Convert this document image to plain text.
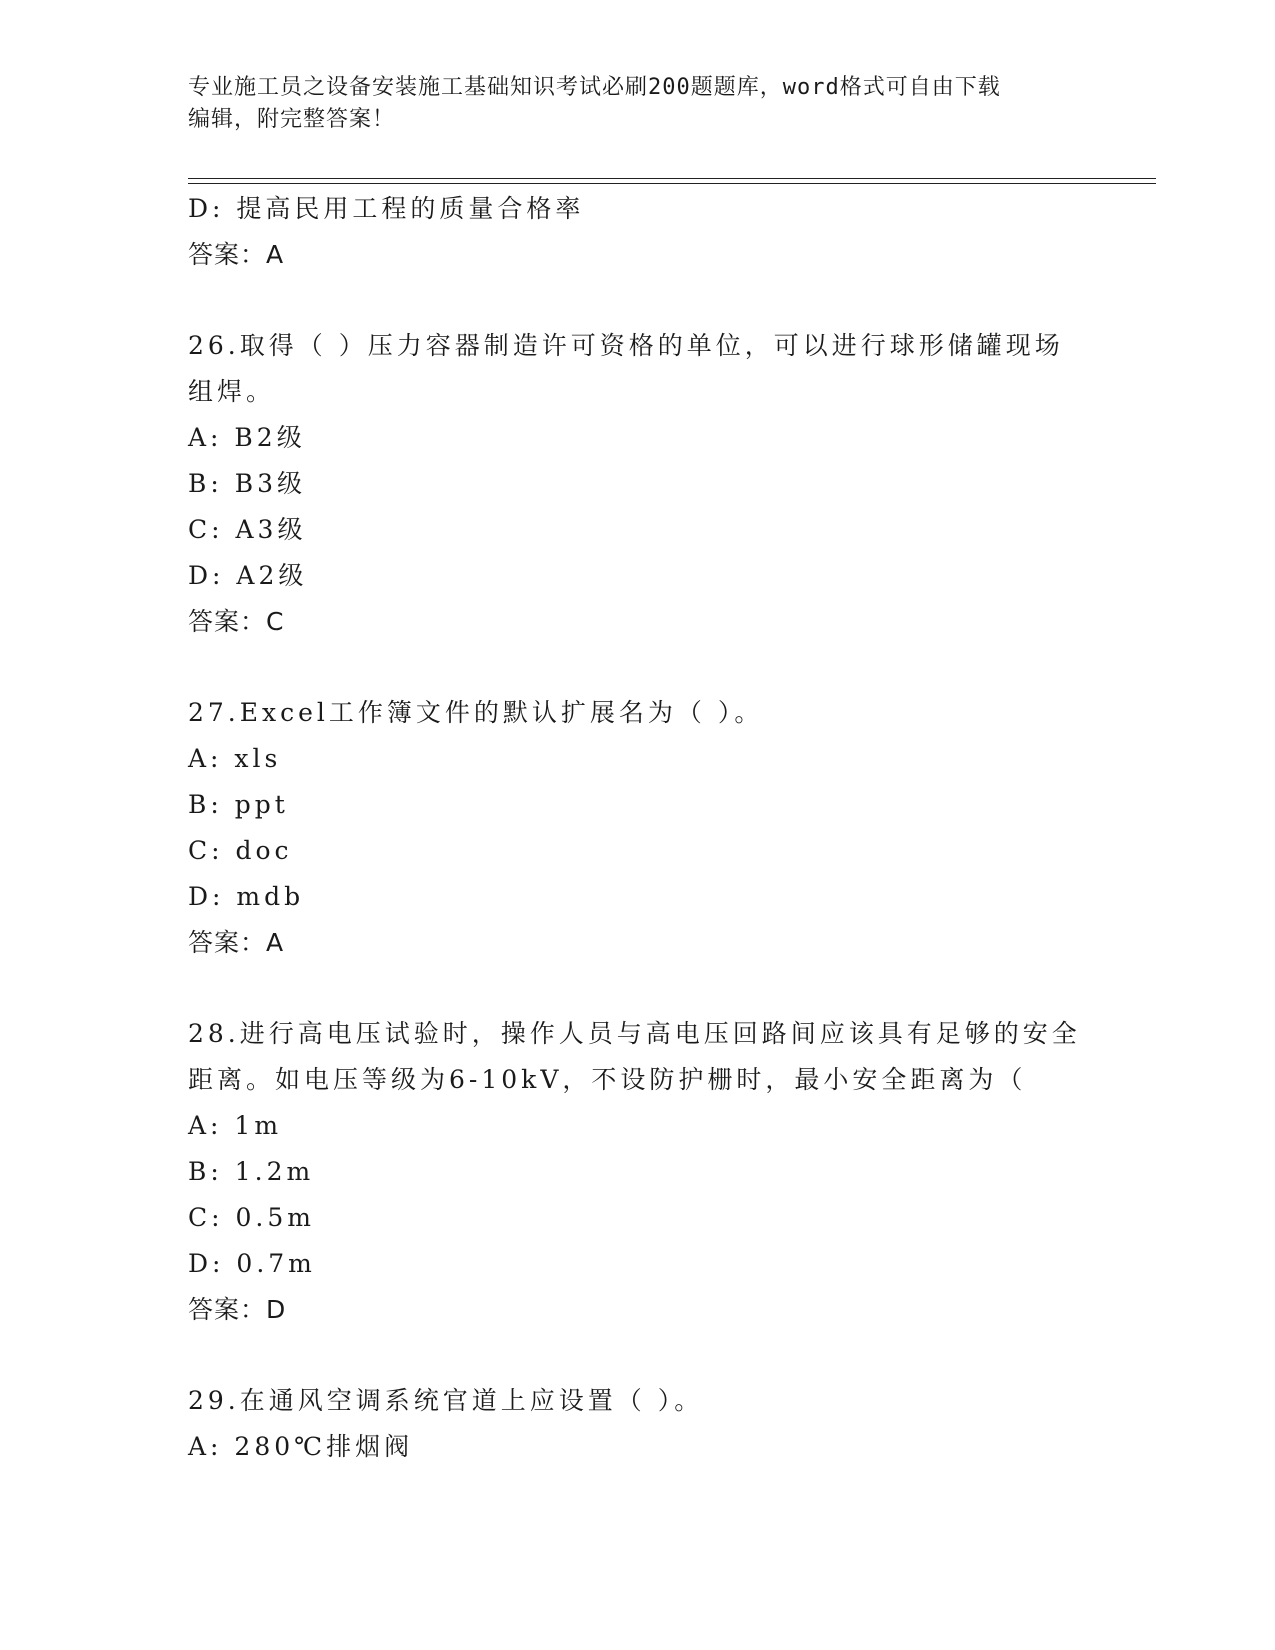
专业施工员之设备安装施工基础知识考试必刷200题题库，word格式可自由下载
编辑，附完整答案！
D: 提高民用工程的质量合格率
答案：A
26.取得（ ）压力容器制造许可资格的单位，可以进行球形储罐现场
组焊。
A: B2级
B: B3级
C: A3级
D: A2级
答案：C
27.Excel工作簿文件的默认扩展名为（ ）。
A: xls
B: ppt
C: doc
D: mdb
答案：A
28.进行高电压试验时，操作人员与高电压回路间应该具有足够的安全
距离。如电压等级为6-10kV，不设防护栅时，最小安全距离为（
A: 1m
B: 1.2m
C: 0.5m
D: 0.7m
答案：D
29.在通风空调系统官道上应设置（ ）。
A: 280℃排烟阀
